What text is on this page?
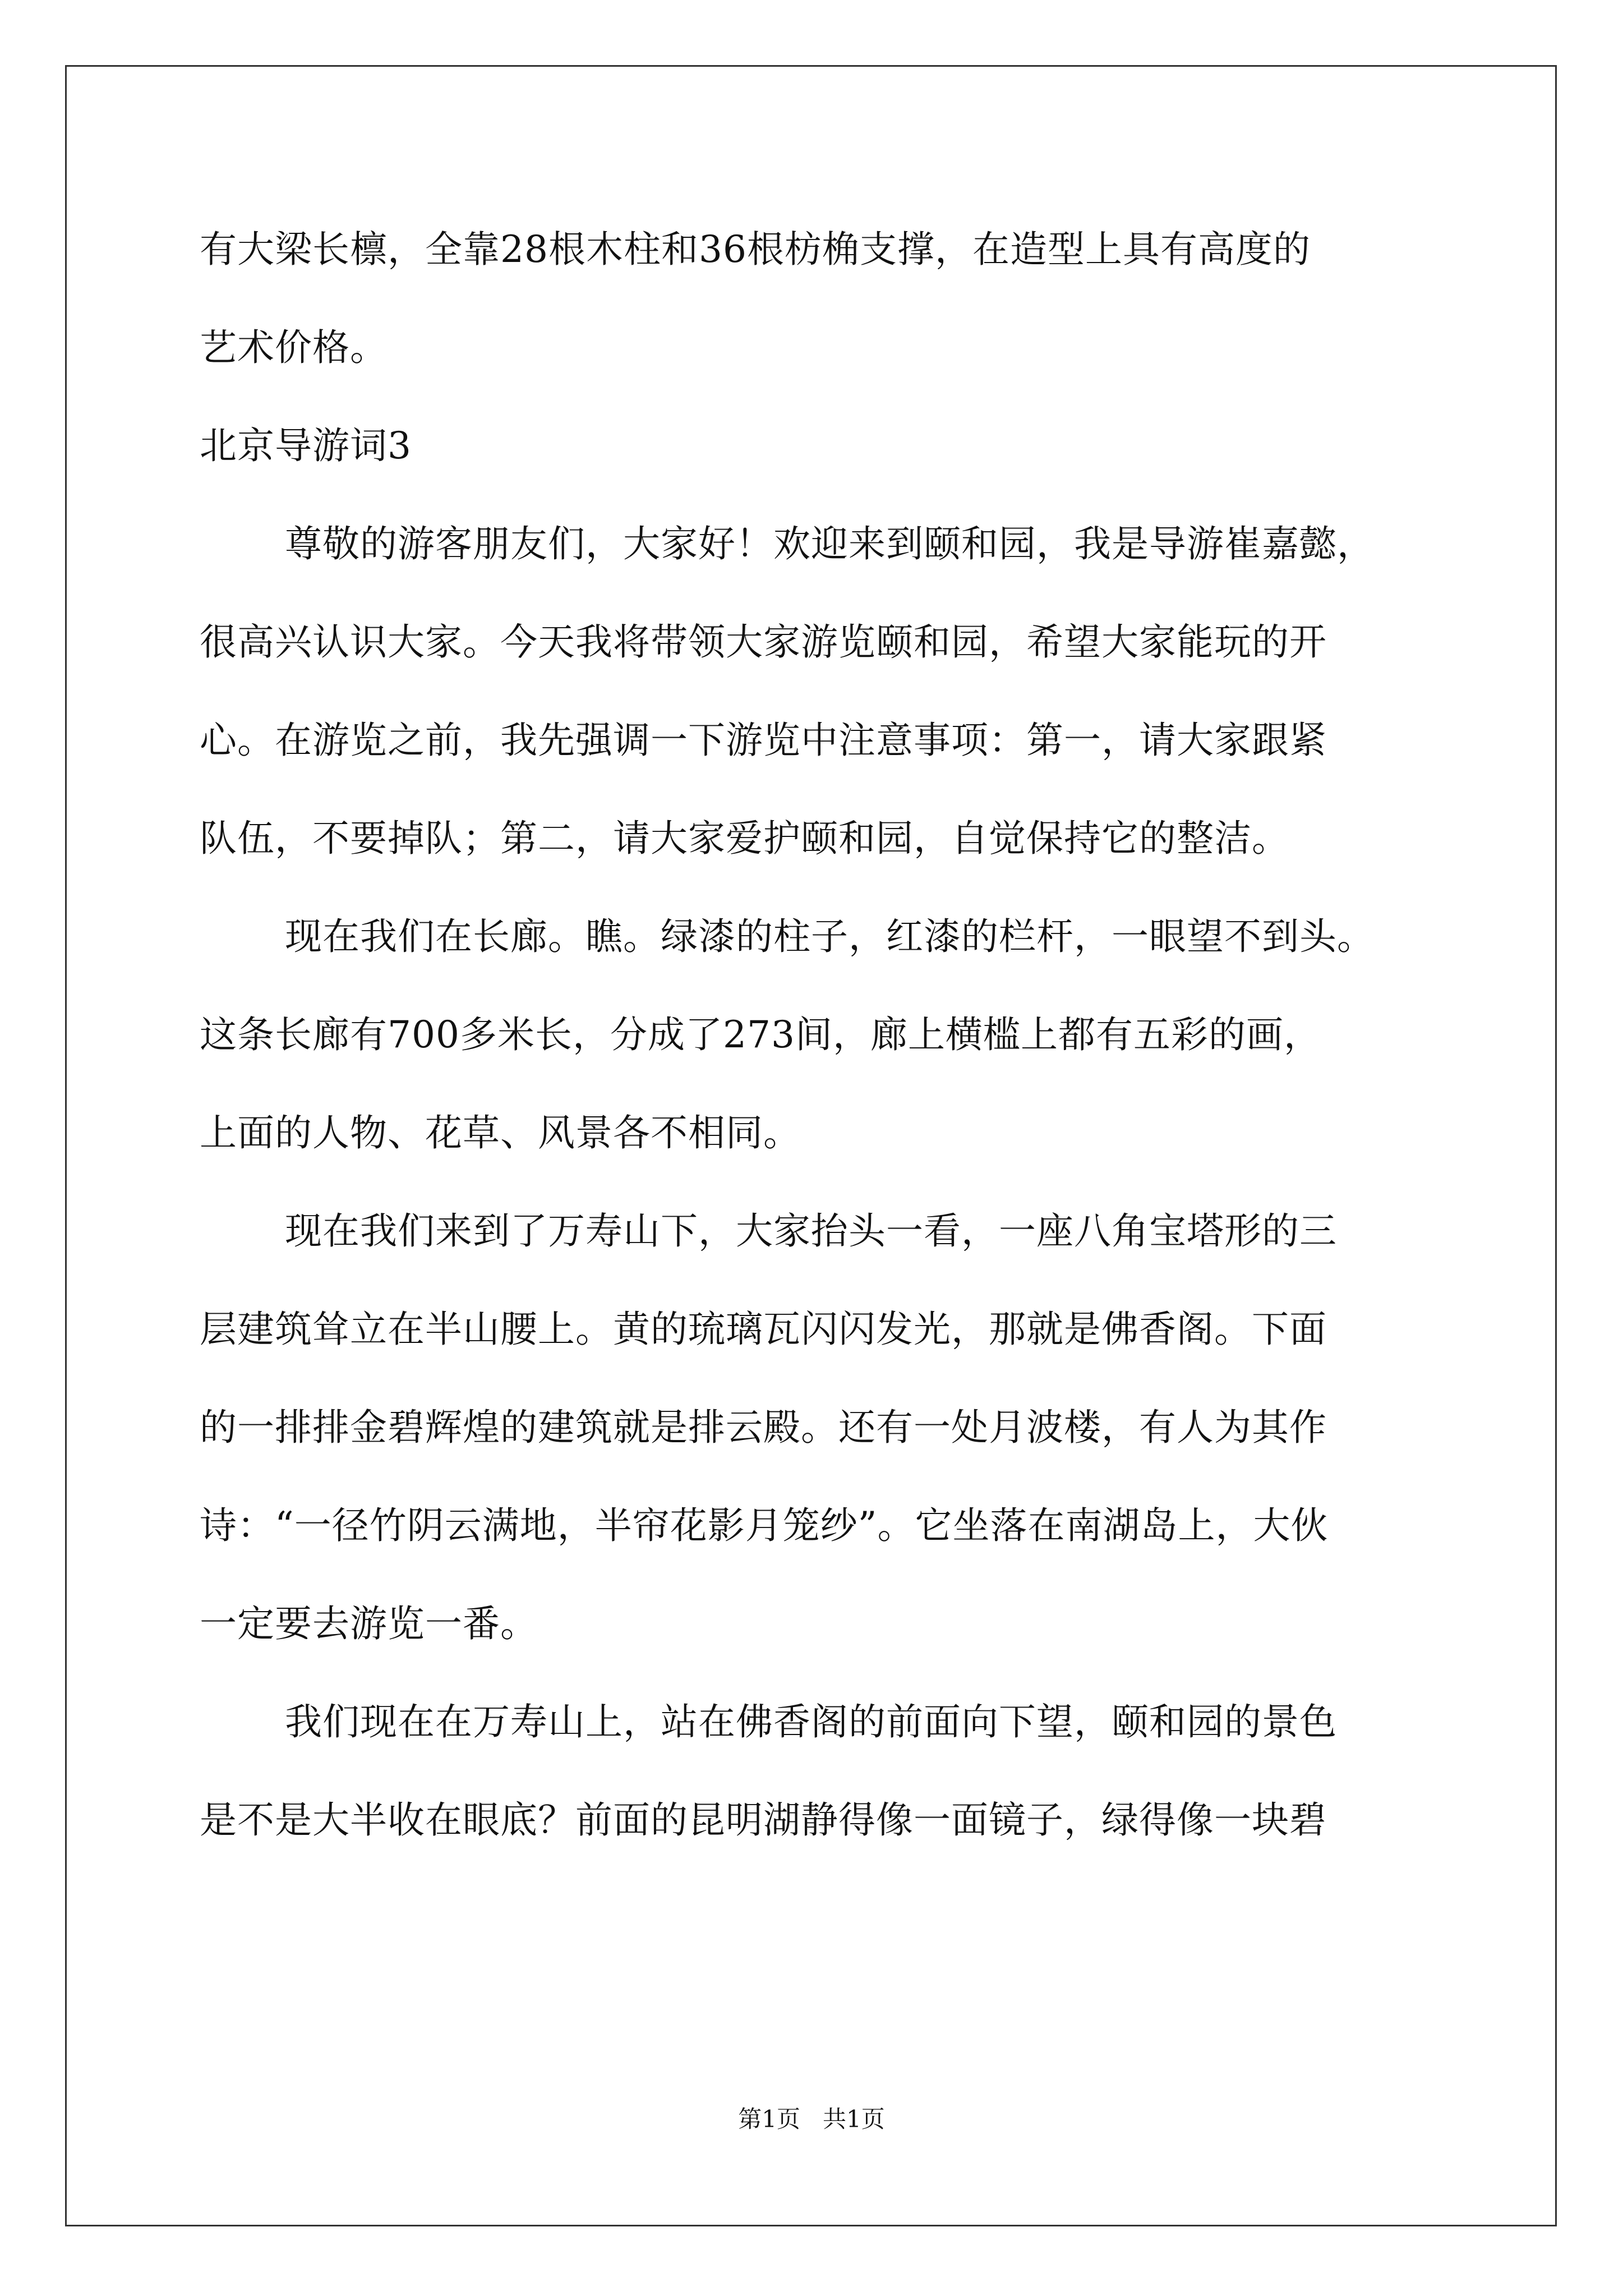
有大梁长檩，全靠28根木柱和36根枋桷支撑，在造型上具有高度的
艺术价格。
北京导游词3
尊敬的游客朋友们，大家好！欢迎来到颐和园，我是导游崔嘉懿，
很高兴认识大家。今天我将带领大家游览颐和园，希望大家能玩的开
心。在游览之前，我先强调一下游览中注意事项：第一，请大家跟紧
队伍，不要掉队；第二，请大家爱护颐和园，自觉保持它的整洁。
现在我们在长廊。瞧。绿漆的柱子，红漆的栏杆，一眼望不到头。
这条长廊有700多米长，分成了273间，廊上横槛上都有五彩的画，
上面的人物、花草、风景各不相同。
现在我们来到了万寿山下，大家抬头一看，一座八角宝塔形的三
层建筑耸立在半山腰上。黄的琉璃瓦闪闪发光，那就是佛香阁。下面
的一排排金碧辉煌的建筑就是排云殿。还有一处月波楼，有人为其作
诗：“一径竹阴云满地，半帘花影月笼纱”。它坐落在南湖岛上，大伙
一定要去游览一番。
我们现在在万寿山上，站在佛香阁的前面向下望，颐和园的景色
是不是大半收在眼底？前面的昆明湖静得像一面镜子，绿得像一块碧
第1页   共1页
